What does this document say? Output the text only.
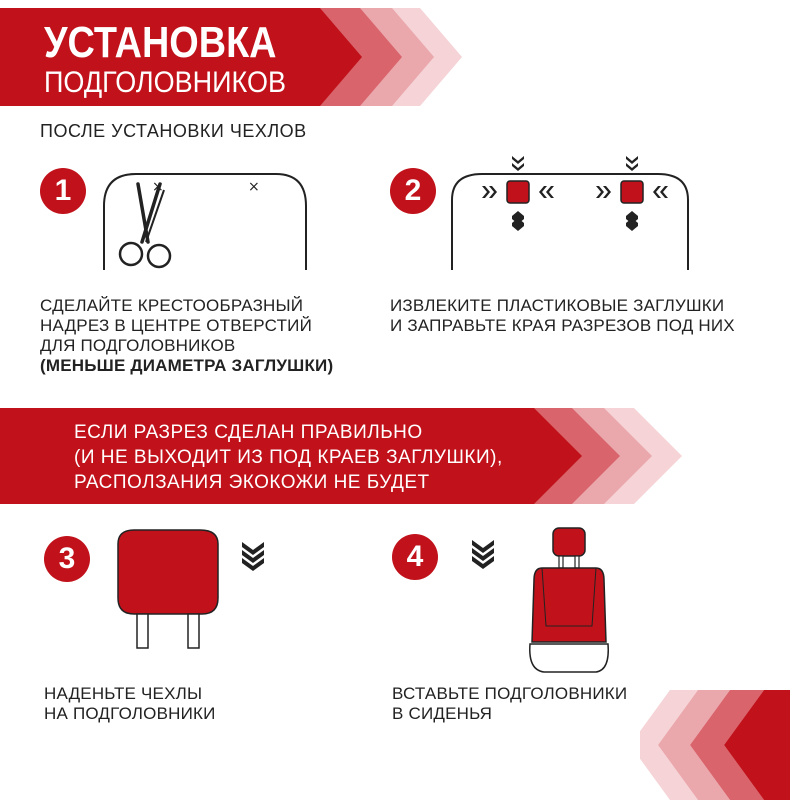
УСТАНОВКА
ПОДГОЛОВНИКОВ
ПОСЛЕ УСТАНОВКИ ЧЕХЛОВ
1	×	×
СДЕЛАЙТЕ КРЕСТООБРАЗНЫЙ
НАДРЕЗ В ЦЕНТРЕ ОТВЕРСТИЙ
ДЛЯ ПОДГОЛОВНИКОВ
(МЕНЬШЕ ДИАМЕТРА ЗАГЛУШКИ)
2
ИЗВЛЕКИТЕ ПЛАСТИКОВЫЕ ЗАГЛУШКИ
И ЗАПРАВЬТЕ КРАЯ РАЗРЕЗОВ ПОД НИХ
ЕСЛИ РАЗРЕЗ СДЕЛАН ПРАВИЛЬНО
(И НЕ ВЫХОДИТ ИЗ ПОД КРАЕВ ЗАГЛУШКИ),
РАСПОЛЗАНИЯ ЭКОКОЖИ НЕ БУДЕТ
3
НАДЕНЬТЕ ЧЕХЛЫ
НА ПОДГОЛОВНИКИ
4
ВСТАВЬТЕ ПОДГОЛОВНИКИ
В СИДЕНЬЯ
